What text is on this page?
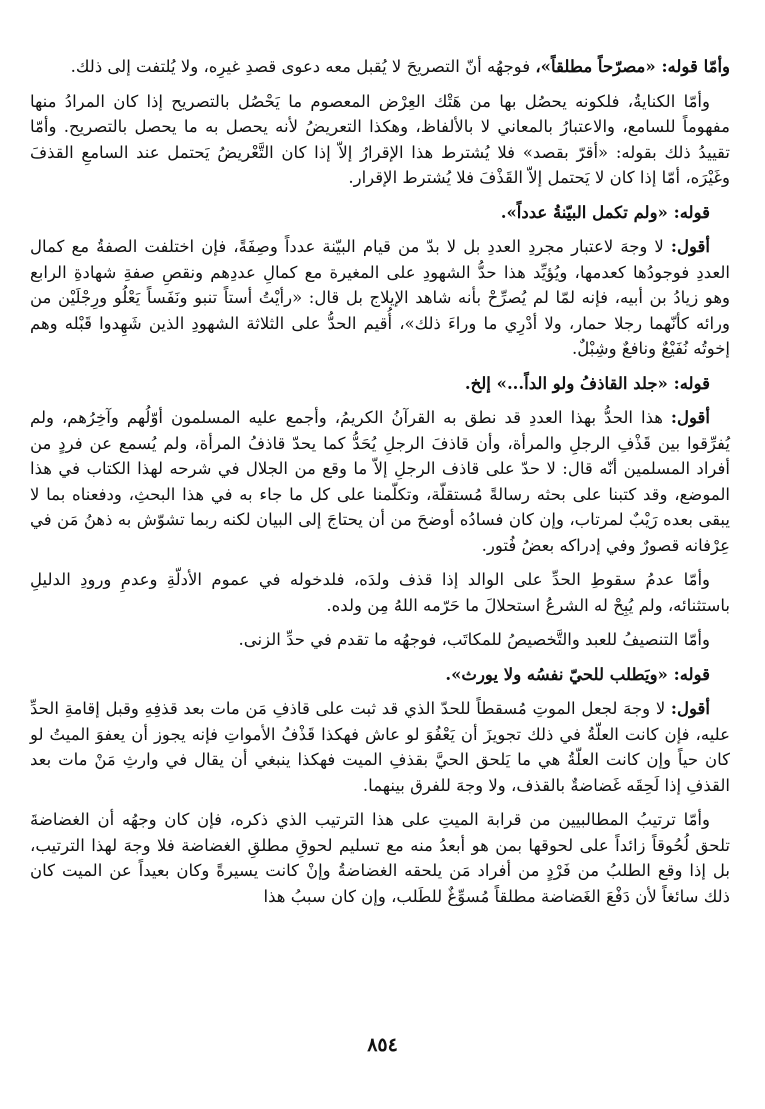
وأمّا قوله: «مصرّحاً مطلقاً»، فوجهُه أنّ التصريحَ لا يُقبل معه دعوى قصدِ غيرِه، ولا يُلتفت إلى ذلك.

وأمّا الكنايةُ، فلكونه يحصُل بها من هَتْك العِرْض المعصوم ما يَحْصُل بالتصريح إذا كان المرادُ منها مفهوماً للسامع، والاعتبارُ بالمعاني لا بالألفاظ، وهكذا التعريضُ لأنه يحصل به ما يحصل بالتصريح. وأمّا تقييدُ ذلك بقوله: «أقرّ بقصد» فلا يُشترط هذا الإقرارُ إلاّ إذا كان التَّعْريضُ يَحتمل عند السامعِ القذفَ وغَيْرَه، أمّا إذا كان لا يَحتمل إلاّ القَذْفَ فلا يُشترط الإقرار.

قوله: «ولم تكمل البيّنةُ عدداً».

أقول: لا وجهَ لاعتبار مجردِ العددِ بل لا بدّ من قيام البيّنة عدداً وصِفَةً، فإن اختلفت الصفةُ مع كمال العددِ فوجودُها كعدمها، ويُؤيِّد هذا حدُّ الشهودِ على المغيرة مع كمالِ عددِهم ونقصِ صفةِ شهادةِ الرابع وهو زيادُ بن أبيه، فإنه لمّا لم يُصرِّحْ بأنه شاهد الإيلاج بل قال: «رأيْتُ أستاً تنبو ونَفَساً يَعْلُو ورِجْلَيْن من ورائه كأنّهما رجلا حمار، ولا أدْرِي ما وراءَ ذلك»، أُقيم الحدُّ على الثلاثة الشهودِ الذين شَهِدوا قَبْله وهم إخوتُه نُفَيْعٌ ونافعٌ وشِبْلٌ.

قوله: «جلد القاذفُ ولو الداً...» إلخ.

أقول: هذا الحدُّ بهذا العددِ قد نطق به القرآنُ الكريمُ، وأجمع عليه المسلمون أوّلُهم وآخِرُهم، ولم يُفرِّقوا بين قَذْفِ الرجلِ والمرأة، وأن قاذفَ الرجلِ يُحَدُّ كما يحدّ قاذفُ المرأة، ولم يُسمع عن فردٍ من أفراد المسلمين أنّه قال: لا حدّ على قاذف الرجلِ إلاّ ما وقع من الجلال في شرحه لهذا الكتاب في هذا الموضع، وقد كتبنا على بحثه رسالةً مُستقلّة، وتكلّمنا على كل ما جاء به في هذا البحثِ، ودفعناه بما لا يبقى بعده رَيْبٌ لمرتاب، وإن كان فسادُه أوضحَ من أن يحتاجَ إلى البيان لكنه ربما تشوّش به ذهنُ مَن في عِرْفانه قصورٌ وفي إدراكه بعضُ فُتور.

وأمّا عدمُ سقوطِ الحدِّ على الوالد إذا قذف ولدَه، فلدخوله في عموم الأدلّةِ وعدمِ ورودِ الدليلِ باستثنائه، ولم يُبِحْ له الشرعُ استحلالَ ما حَرّمه اللهُ مِن ولده.

وأمّا التنصيفُ للعبد والتَّخصيصُ للمكاتَب، فوجهُه ما تقدم في حدِّ الزنى.

قوله: «ويَطلب للحيّ نفسُه ولا يورث».

أقول: لا وجهَ لجعل الموتِ مُسقطاً للحدّ الذي قد ثبت على قاذفِ مَن مات بعد قذفِهِ وقبل إقامةِ الحدِّ عليه، فإن كانت العلّةُ في ذلك تجويزَ أن يَعْفُوَ لو عاش فهكذا قَذْفُ الأمواتِ فإنه يجوز أن يعفوَ الميتُ لو كان حياً وإن كانت العلّةُ هي ما يَلحق الحيَّ بقذفِ الميت فهكذا ينبغي أن يقال في وارثِ مَنْ مات بعد القذفِ إذا لَحِقَه غَضاضةٌ بالقذف، ولا وجهَ للفرق بينهما.

وأمّا ترتيبُ المطالبيين من قرابة الميتِ على هذا الترتيب الذي ذكره، فإن كان وجهُه أن الغضاضةَ تلحق لُحُوقاً زائداً على لحوقها بمن هو أبعدُ منه مع تسليم لحوقِ مطلقِ الغضاضة فلا وجهَ لهذا الترتيب، بل إذا وقع الطلبُ من فَرْدٍ من أفراد مَن يلحقه الغضاضةُ وإنْ كانت يسيرةً وكان بعيداً عن الميت كان ذلك سائغاً لأن دَفْعَ الغَضاضة مطلقاً مُسوِّغٌ للطَلب، وإن كان سببُ هذا

٨٥٤
